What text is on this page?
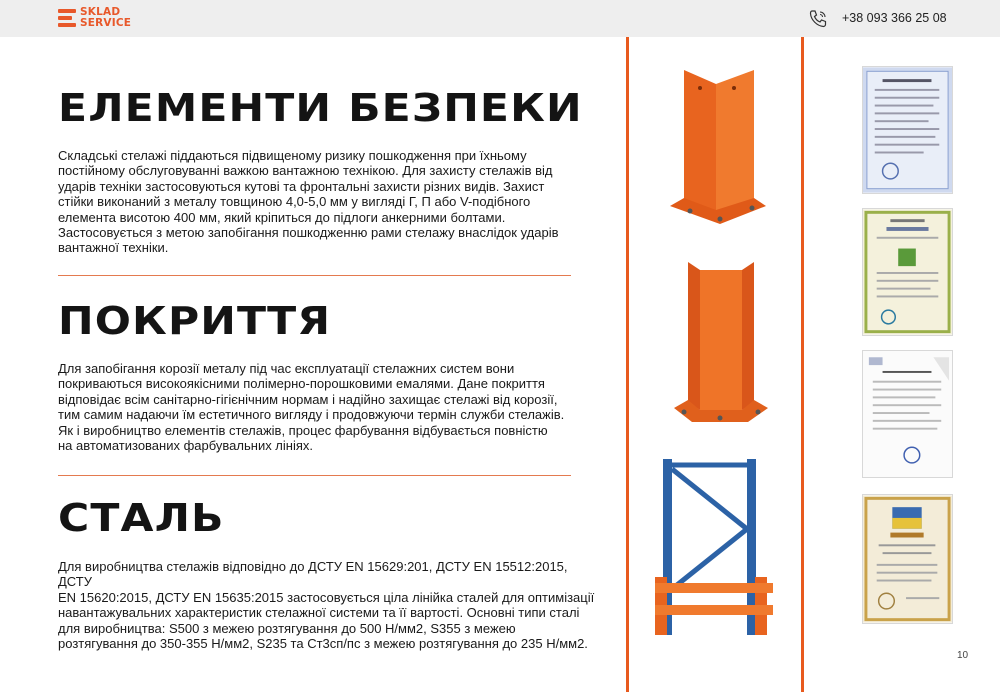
SKLAD
SERVICE	+38 093 366 25 08
ЕЛЕМЕНТИ БЕЗПЕКИ
Складські стелажі піддаються підвищеному ризику пошкодження при їхньому
постійному обслуговуванні важкою вантажною технікою. Для захисту стелажів від
ударів техніки застосовуються кутові та фронтальні захисти різних видів. Захист
стійки виконаний з металу товщиною 4,0-5,0 мм у вигляді Г, П або V-подібного
елемента висотою 400 мм, який кріпиться до підлоги анкерними болтами.
Застосовується з метою запобігання пошкодженню рами стелажу внаслідок ударів
вантажної техніки.
ПОКРИТТЯ
Для запобігання корозії металу під час експлуатації стелажних систем вони
покриваються високоякісними полімерно-порошковими емалями. Дане покриття
відповідає всім санітарно-гігієнічним нормам і надійно захищає стелажі від корозії,
тим самим надаючи їм естетичного вигляду і продовжуючи термін служби стелажів.
Як і виробництво елементів стелажів, процес фарбування відбувається повністю
на автоматизованих фарбувальних лініях.
СТАЛЬ
Для виробництва стелажів відповідно до ДСТУ EN 15629:201, ДСТУ EN 15512:2015, ДСТУ
EN 15620:2015, ДСТУ EN 15635:2015 застосовується ціла лінійка сталей для оптимізації
навантажувальних характеристик стелажної системи та її вартості. Основні типи сталі
для виробництва: S500 з межею розтягування до 500 Н/мм2, S355 з межею
розтягування до 350-355 Н/мм2, S235 та Ст3сп/пс з межею розтягування до 235 Н/мм2.
10
